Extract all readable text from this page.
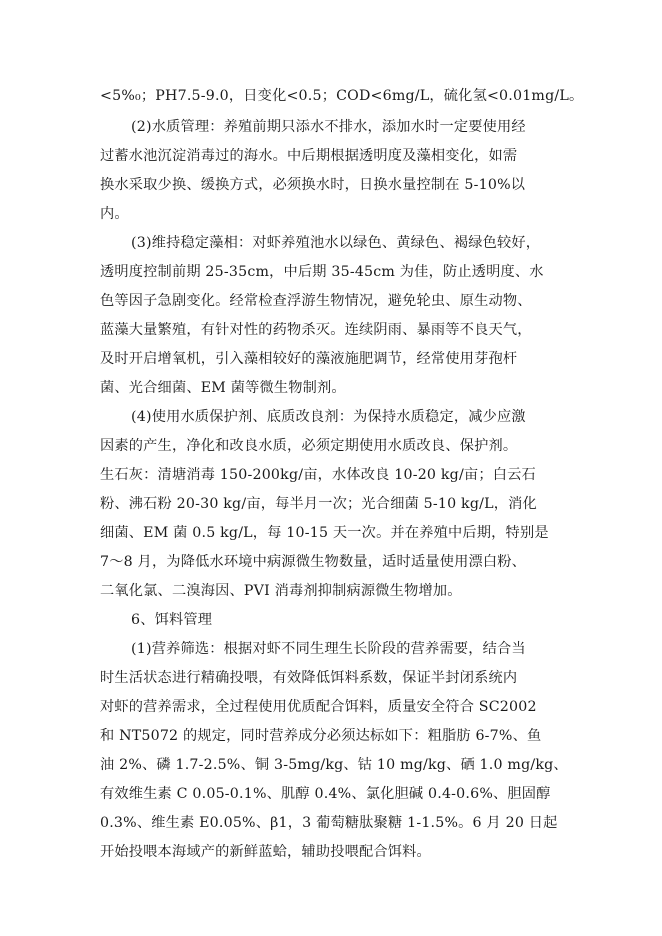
<5%₀；PH7.5-9.0，日变化<0.5；COD<6mg/L，硫化氢<0.01mg/L。
(2)水质管理：养殖前期只添水不排水，添加水时一定要使用经
过蓄水池沉淀消毒过的海水。中后期根据透明度及藻相变化，如需
换水采取少换、缓换方式，必须换水时，日换水量控制在 5-10%以
内。
(3)维持稳定藻相：对虾养殖池水以绿色、黄绿色、褐绿色较好，
透明度控制前期 25-35cm，中后期 35-45cm 为佳，防止透明度、水
色等因子急剧变化。经常检查浮游生物情况，避免轮虫、原生动物、
蓝藻大量繁殖，有针对性的药物杀灭。连续阴雨、暴雨等不良天气，
及时开启增氧机，引入藻相较好的藻液施肥调节，经常使用芽孢杆
菌、光合细菌、EM 菌等微生物制剂。
(4)使用水质保护剂、底质改良剂：为保持水质稳定，减少应激
因素的产生，净化和改良水质，必须定期使用水质改良、保护剂。
生石灰：清塘消毒 150-200kg/亩，水体改良 10-20 kg/亩；白云石
粉、沸石粉 20-30 kg/亩，每半月一次；光合细菌 5-10 kg/L，消化
细菌、EM 菌 0.5 kg/L，每 10-15 天一次。并在养殖中后期，特别是
7～8 月，为降低水环境中病源微生物数量，适时适量使用漂白粉、
二氧化氯、二溴海因、PVI 消毒剂抑制病源微生物增加。
6、饵料管理
(1)营养筛选：根据对虾不同生理生长阶段的营养需要，结合当
时生活状态进行精确投喂，有效降低饵料系数，保证半封闭系统内
对虾的营养需求，全过程使用优质配合饵料，质量安全符合 SC2002
和 NT5072 的规定，同时营养成分必须达标如下：粗脂肪 6-7%、鱼
油 2%、磷 1.7-2.5%、铜 3-5mg/kg、钴 10 mg/kg、硒 1.0 mg/kg、
有效维生素 C 0.05-0.1%、肌醇 0.4%、氯化胆碱 0.4-0.6%、胆固醇
0.3%、维生素 E0.05%、β1，3 葡萄糖肽聚糖 1-1.5%。6 月 20 日起
开始投喂本海域产的新鲜蓝蛤，辅助投喂配合饵料。
